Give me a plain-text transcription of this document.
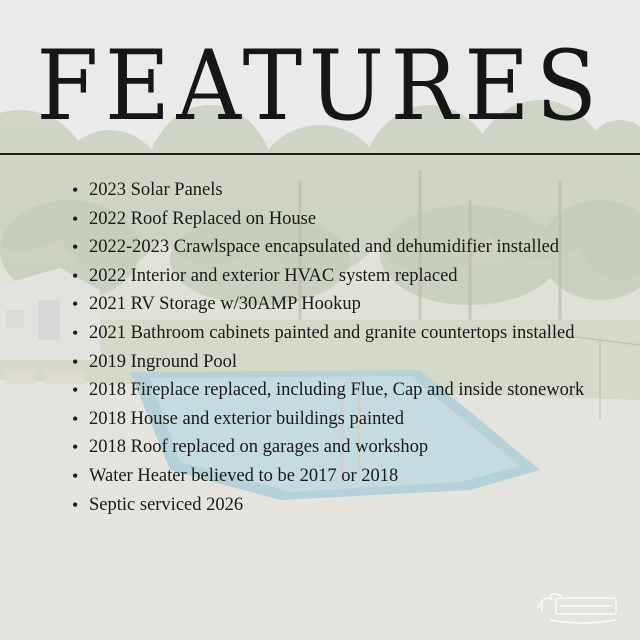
FEATURES
• 2023 Solar Panels
• 2022 Roof Replaced on House
• 2022-2023 Crawlspace encapsulated and dehumidifier installed
• 2022 Interior and exterior HVAC system replaced
• 2021 RV Storage w/30AMP Hookup
• 2021 Bathroom cabinets painted and granite countertops installed
• 2019 Inground Pool
• 2018 Fireplace replaced, including Flue, Cap and inside stonework
• 2018 House and exterior buildings painted
• 2018 Roof replaced on garages and workshop
• Water Heater believed to be 2017 or 2018
• Septic serviced 2026
